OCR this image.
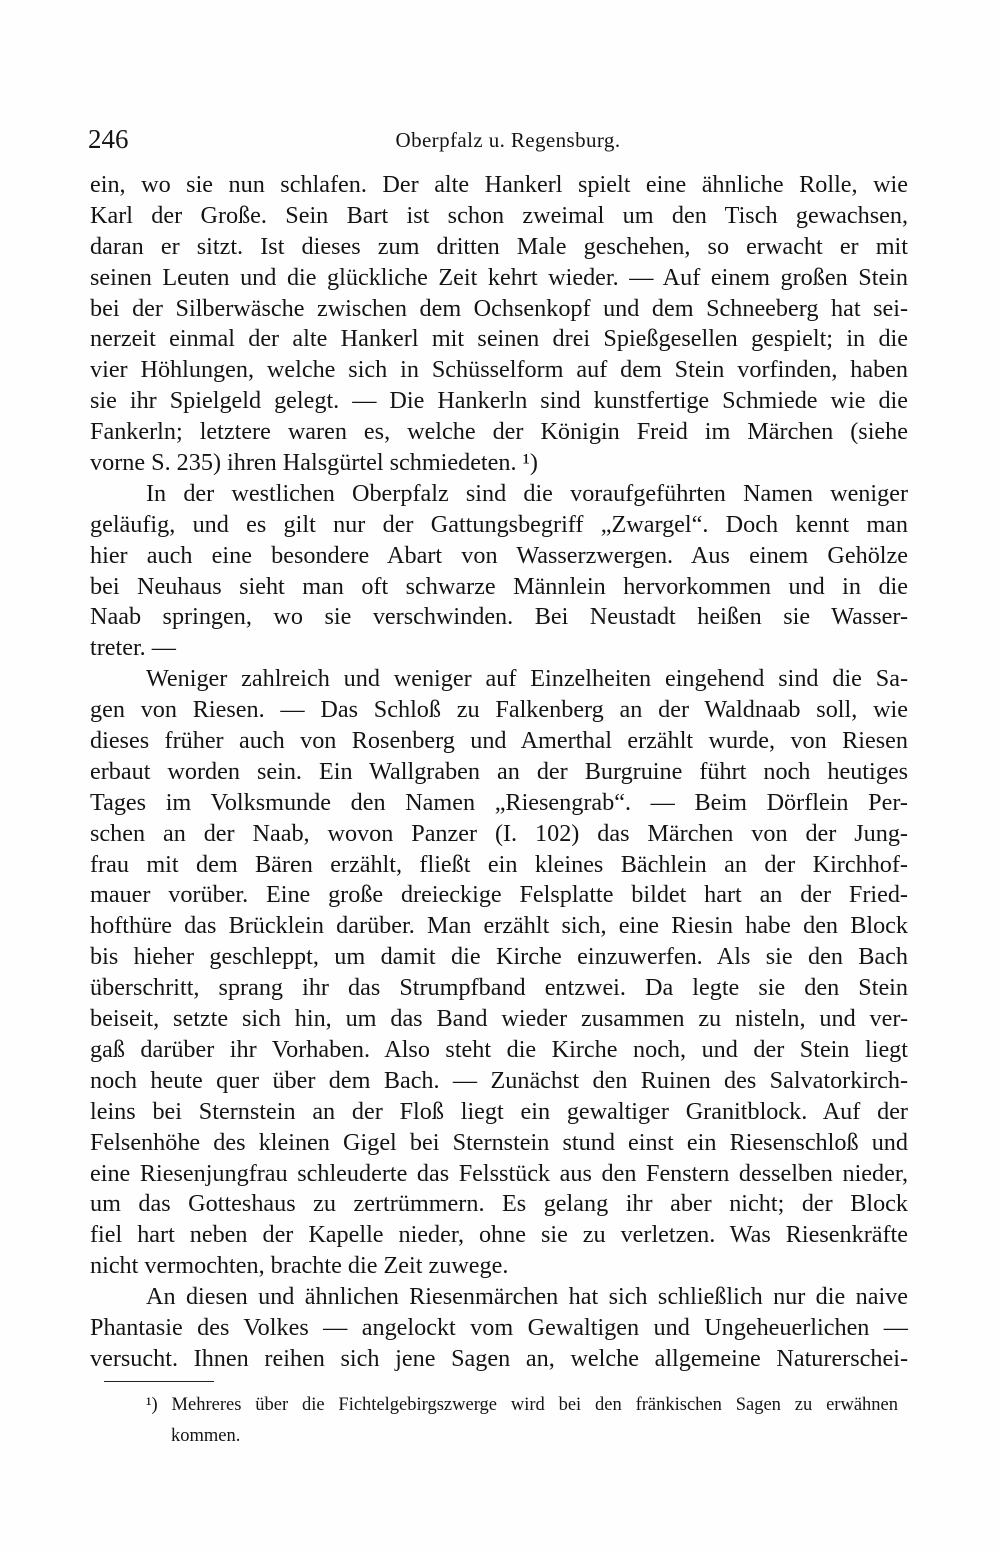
246	Oberpfalz u. Regensburg.
ein, wo sie nun schlafen. Der alte Hankerl spielt eine ähnliche Rolle, wie
Karl der Große. Sein Bart ist schon zweimal um den Tisch gewachsen,
daran er sitzt. Ist dieses zum dritten Male geschehen, so erwacht er mit
seinen Leuten und die glückliche Zeit kehrt wieder. — Auf einem großen Stein
bei der Silberwäsche zwischen dem Ochsenkopf und dem Schneeberg hat sei-
nerzeit einmal der alte Hankerl mit seinen drei Spießgesellen gespielt; in die
vier Höhlungen, welche sich in Schüsselform auf dem Stein vorfinden, haben
sie ihr Spielgeld gelegt. — Die Hankerln sind kunstfertige Schmiede wie die
Fankerln; letztere waren es, welche der Königin Freid im Märchen (siehe
vorne S. 235) ihren Halsgürtel schmiedeten. ¹)
In der westlichen Oberpfalz sind die voraufgeführten Namen weniger
geläufig, und es gilt nur der Gattungsbegriff „Zwargel“. Doch kennt man
hier auch eine besondere Abart von Wasserzwergen. Aus einem Gehölze
bei Neuhaus sieht man oft schwarze Männlein hervorkommen und in die
Naab springen, wo sie verschwinden. Bei Neustadt heißen sie Wasser-
treter. —
Weniger zahlreich und weniger auf Einzelheiten eingehend sind die Sa-
gen von Riesen. — Das Schloß zu Falkenberg an der Waldnaab soll, wie
dieses früher auch von Rosenberg und Amerthal erzählt wurde, von Riesen
erbaut worden sein. Ein Wallgraben an der Burgruine führt noch heutiges
Tages im Volksmunde den Namen „Riesengrab“. — Beim Dörflein Per-
schen an der Naab, wovon Panzer (I. 102) das Märchen von der Jung-
frau mit dem Bären erzählt, fließt ein kleines Bächlein an der Kirchhof-
mauer vorüber. Eine große dreieckige Felsplatte bildet hart an der Fried-
hofthüre das Brücklein darüber. Man erzählt sich, eine Riesin habe den Block
bis hieher geschleppt, um damit die Kirche einzuwerfen. Als sie den Bach
überschritt, sprang ihr das Strumpfband entzwei. Da legte sie den Stein
beiseit, setzte sich hin, um das Band wieder zusammen zu nisteln, und ver-
gaß darüber ihr Vorhaben. Also steht die Kirche noch, und der Stein liegt
noch heute quer über dem Bach. — Zunächst den Ruinen des Salvatorkirch-
leins bei Sternstein an der Floß liegt ein gewaltiger Granitblock. Auf der
Felsenhöhe des kleinen Gigel bei Sternstein stund einst ein Riesenschloß und
eine Riesenjungfrau schleuderte das Felsstück aus den Fenstern desselben nieder,
um das Gotteshaus zu zertrümmern. Es gelang ihr aber nicht; der Block
fiel hart neben der Kapelle nieder, ohne sie zu verletzen. Was Riesenkräfte
nicht vermochten, brachte die Zeit zuwege.
An diesen und ähnlichen Riesenmärchen hat sich schließlich nur die naive
Phantasie des Volkes — angelockt vom Gewaltigen und Ungeheuerlichen —
versucht. Ihnen reihen sich jene Sagen an, welche allgemeine Naturerschei-
¹) Mehreres über die Fichtelgebirgszwerge wird bei den fränkischen Sagen zu erwähnen
kommen.
